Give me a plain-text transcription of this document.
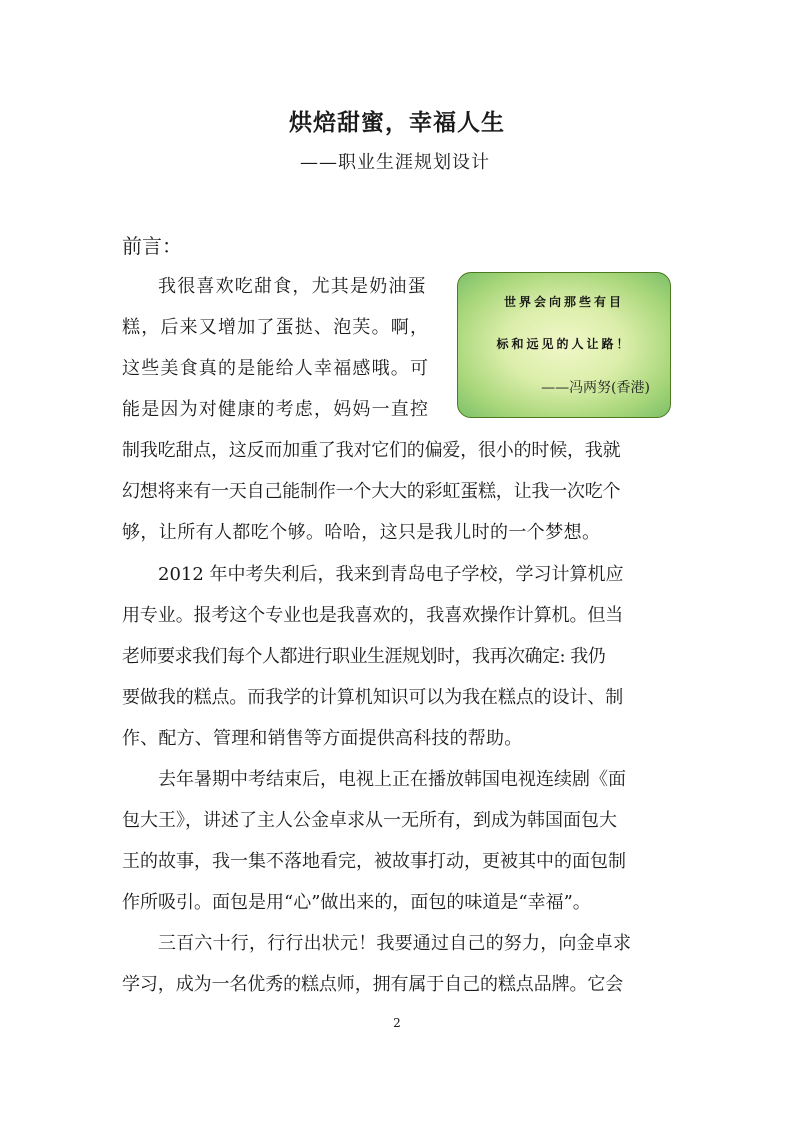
烘焙甜蜜，幸福人生
——职业生涯规划设计
前言：
世界会向那些有目
标和远见的人让路！
——冯两努(香港)
我很喜欢吃甜食，尤其是奶油蛋
糕，后来又增加了蛋挞、泡芙。啊，
这些美食真的是能给人幸福感哦。可
能是因为对健康的考虑，妈妈一直控
制我吃甜点，这反而加重了我对它们的偏爱，很小的时候，我就
幻想将来有一天自己能制作一个大大的彩虹蛋糕，让我一次吃个
够，让所有人都吃个够。哈哈，这只是我儿时的一个梦想。
2012 年中考失利后，我来到青岛电子学校，学习计算机应
用专业。报考这个专业也是我喜欢的，我喜欢操作计算机。但当
老师要求我们每个人都进行职业生涯规划时，我再次确定: 我仍
要做我的糕点。而我学的计算机知识可以为我在糕点的设计、制
作、配方、管理和销售等方面提供高科技的帮助。
去年暑期中考结束后，电视上正在播放韩国电视连续剧《面
包大王》，讲述了主人公金卓求从一无所有，到成为韩国面包大
王的故事，我一集不落地看完，被故事打动，更被其中的面包制
作所吸引。面包是用“心”做出来的，面包的味道是“幸福”。
三百六十行，行行出状元！我要通过自己的努力，向金卓求
学习，成为一名优秀的糕点师，拥有属于自己的糕点品牌。它会
2
